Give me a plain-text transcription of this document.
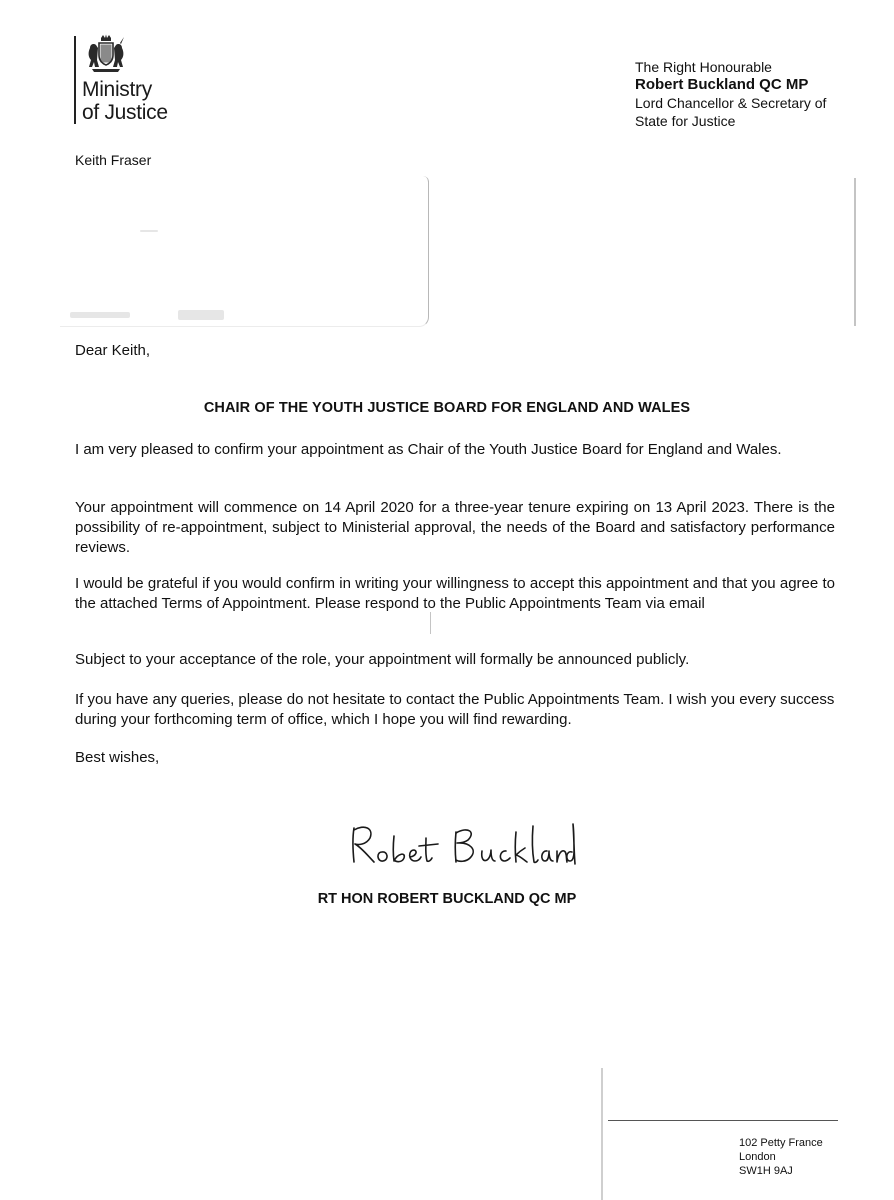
Ministry
of Justice
The Right Honourable
Robert Buckland QC MP
Lord Chancellor & Secretary of
State for Justice
Keith Fraser
Dear Keith,
CHAIR OF THE YOUTH JUSTICE BOARD FOR ENGLAND AND WALES
I am very pleased to confirm your appointment as Chair of the Youth Justice Board for England and Wales.
Your appointment will commence on 14 April 2020 for a three-year tenure expiring on 13 April 2023. There is the possibility of re-appointment, subject to Ministerial approval, the needs of the Board and satisfactory performance reviews.
I would be grateful if you would confirm in writing your willingness to accept this appointment and that you agree to the attached Terms of Appointment. Please respond to the Public Appointments Team via email
Subject to your acceptance of the role, your appointment will formally be announced publicly.
If you have any queries, please do not hesitate to contact the Public Appointments Team. I wish you every success during your forthcoming term of office, which I hope you will find rewarding.
Best wishes,
RT HON ROBERT BUCKLAND QC MP
102 Petty France
London
SW1H 9AJ
